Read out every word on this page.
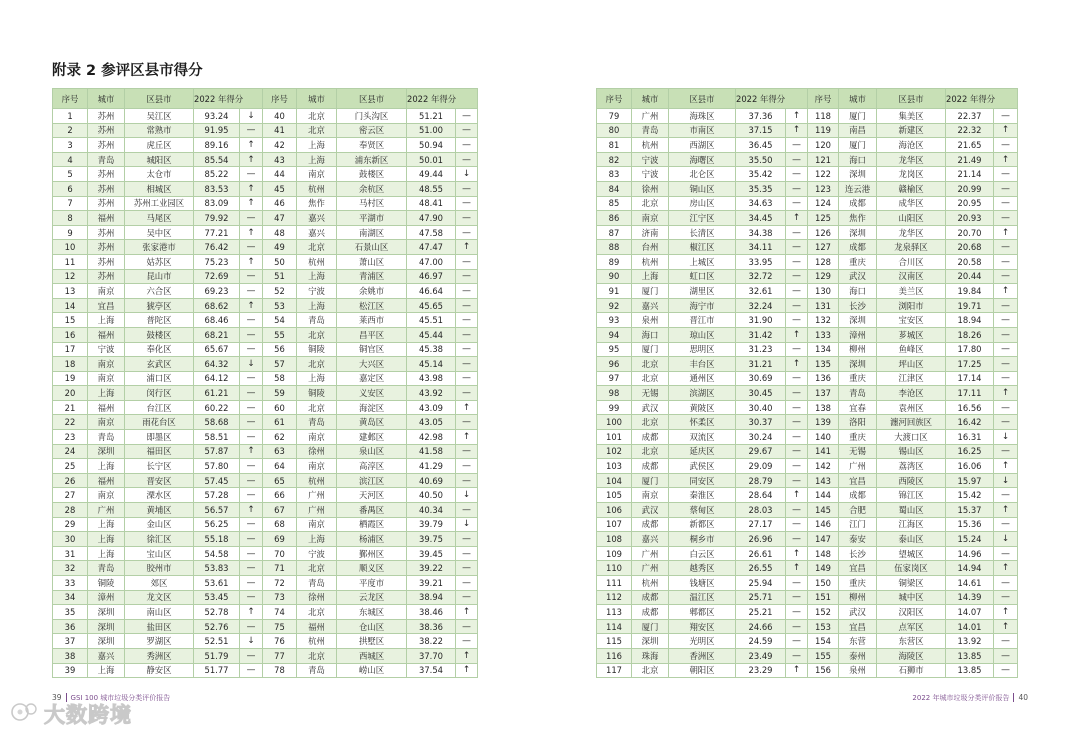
附录 2 参评区县市得分
序号	城市	区县市	2022 年得分		序号	城市	区县市	2022 年得分	
1	苏州	吴江区	93.24	↓	40	北京	门头沟区	51.21	—
2	苏州	常熟市	91.95	—	41	北京	密云区	51.00	—
3	苏州	虎丘区	89.16	↑	42	上海	奉贤区	50.94	—
4	青岛	城阳区	85.54	↑	43	上海	浦东新区	50.01	—
5	苏州	太仓市	85.22	—	44	南京	鼓楼区	49.44	↓
6	苏州	相城区	83.53	↑	45	杭州	余杭区	48.55	—
7	苏州	苏州工业园区	83.09	↑	46	焦作	马村区	48.41	—
8	福州	马尾区	79.92	—	47	嘉兴	平湖市	47.90	—
9	苏州	吴中区	77.21	↑	48	嘉兴	南湖区	47.58	—
10	苏州	张家港市	76.42	—	49	北京	石景山区	47.47	↑
11	苏州	姑苏区	75.23	↑	50	杭州	萧山区	47.00	—
12	苏州	昆山市	72.69	—	51	上海	青浦区	46.97	—
13	南京	六合区	69.23	—	52	宁波	余姚市	46.64	—
14	宜昌	猇亭区	68.62	↑	53	上海	松江区	45.65	—
15	上海	普陀区	68.46	—	54	青岛	莱西市	45.51	—
16	福州	鼓楼区	68.21	—	55	北京	昌平区	45.44	—
17	宁波	奉化区	65.67	—	56	铜陵	铜官区	45.38	—
18	南京	玄武区	64.32	↓	57	北京	大兴区	45.14	—
19	南京	浦口区	64.12	—	58	上海	嘉定区	43.98	—
20	上海	闵行区	61.21	—	59	铜陵	义安区	43.92	—
21	福州	台江区	60.22	—	60	北京	海淀区	43.09	↑
22	南京	雨花台区	58.68	—	61	青岛	黄岛区	43.05	—
23	青岛	即墨区	58.51	—	62	南京	建邺区	42.98	↑
24	深圳	福田区	57.87	↑	63	徐州	泉山区	41.58	—
25	上海	长宁区	57.80	—	64	南京	高淳区	41.29	—
26	福州	晋安区	57.45	—	65	杭州	滨江区	40.69	—
27	南京	溧水区	57.28	—	66	广州	天河区	40.50	↓
28	广州	黄埔区	56.57	↑	67	广州	番禺区	40.34	—
29	上海	金山区	56.25	—	68	南京	栖霞区	39.79	↓
30	上海	徐汇区	55.18	—	69	上海	杨浦区	39.75	—
31	上海	宝山区	54.58	—	70	宁波	鄞州区	39.45	—
32	青岛	胶州市	53.83	—	71	北京	顺义区	39.22	—
33	铜陵	郊区	53.61	—	72	青岛	平度市	39.21	—
34	漳州	龙文区	53.45	—	73	徐州	云龙区	38.94	—
35	深圳	南山区	52.78	↑	74	北京	东城区	38.46	↑
36	深圳	盐田区	52.76	—	75	福州	仓山区	38.36	—
37	深圳	罗湖区	52.51	↓	76	杭州	拱墅区	38.22	—
38	嘉兴	秀洲区	51.79	—	77	北京	西城区	37.70	↑
39	上海	静安区	51.77	—	78	青岛	崂山区	37.54	↑
序号	城市	区县市	2022 年得分		序号	城市	区县市	2022 年得分	
79	广州	海珠区	37.36	↑	118	厦门	集美区	22.37	—
80	青岛	市南区	37.15	↑	119	南昌	新建区	22.32	↑
81	杭州	西湖区	36.45	—	120	厦门	海沧区	21.65	—
82	宁波	海曙区	35.50	—	121	海口	龙华区	21.49	↑
83	宁波	北仑区	35.42	—	122	深圳	龙岗区	21.14	—
84	徐州	铜山区	35.35	—	123	连云港	赣榆区	20.99	—
85	北京	房山区	34.63	—	124	成都	成华区	20.95	—
86	南京	江宁区	34.45	↑	125	焦作	山阳区	20.93	—
87	济南	长清区	34.38	—	126	深圳	龙华区	20.70	↑
88	台州	椒江区	34.11	—	127	成都	龙泉驿区	20.68	—
89	杭州	上城区	33.95	—	128	重庆	合川区	20.58	—
90	上海	虹口区	32.72	—	129	武汉	汉南区	20.44	—
91	厦门	湖里区	32.61	—	130	海口	美兰区	19.84	↑
92	嘉兴	海宁市	32.24	—	131	长沙	浏阳市	19.71	—
93	泉州	晋江市	31.90	—	132	深圳	宝安区	18.94	—
94	海口	琼山区	31.42	↑	133	漳州	芗城区	18.26	—
95	厦门	思明区	31.23	—	134	柳州	鱼峰区	17.80	—
96	北京	丰台区	31.21	↑	135	深圳	坪山区	17.25	—
97	北京	通州区	30.69	—	136	重庆	江津区	17.14	—
98	无锡	滨湖区	30.45	—	137	青岛	李沧区	17.11	↑
99	武汉	黄陂区	30.40	—	138	宜春	袁州区	16.56	—
100	北京	怀柔区	30.37	—	139	洛阳	瀍河回族区	16.42	—
101	成都	双流区	30.24	—	140	重庆	大渡口区	16.31	↓
102	北京	延庆区	29.67	—	141	无锡	锡山区	16.25	—
103	成都	武侯区	29.09	—	142	广州	荔湾区	16.06	↑
104	厦门	同安区	28.79	—	143	宜昌	西陵区	15.97	↓
105	南京	秦淮区	28.64	↑	144	成都	锦江区	15.42	—
106	武汉	蔡甸区	28.03	—	145	合肥	蜀山区	15.37	↑
107	成都	新都区	27.17	—	146	江门	江海区	15.36	—
108	嘉兴	桐乡市	26.96	—	147	泰安	泰山区	15.24	↓
109	广州	白云区	26.61	↑	148	长沙	望城区	14.96	—
110	广州	越秀区	26.55	↑	149	宜昌	伍家岗区	14.94	↑
111	杭州	钱塘区	25.94	—	150	重庆	铜梁区	14.61	—
112	成都	温江区	25.71	—	151	柳州	城中区	14.39	—
113	成都	郫都区	25.21	—	152	武汉	汉阳区	14.07	↑
114	厦门	翔安区	24.66	—	153	宜昌	点军区	14.01	↑
115	深圳	光明区	24.59	—	154	东营	东营区	13.92	—
116	珠海	香洲区	23.49	—	155	泰州	海陵区	13.85	—
117	北京	朝阳区	23.29	↑	156	泉州	石狮市	13.85	—
大数跨境
39 GSI 100 城市垃圾分类评价报告	2022 年城市垃圾分类评价报告 40
